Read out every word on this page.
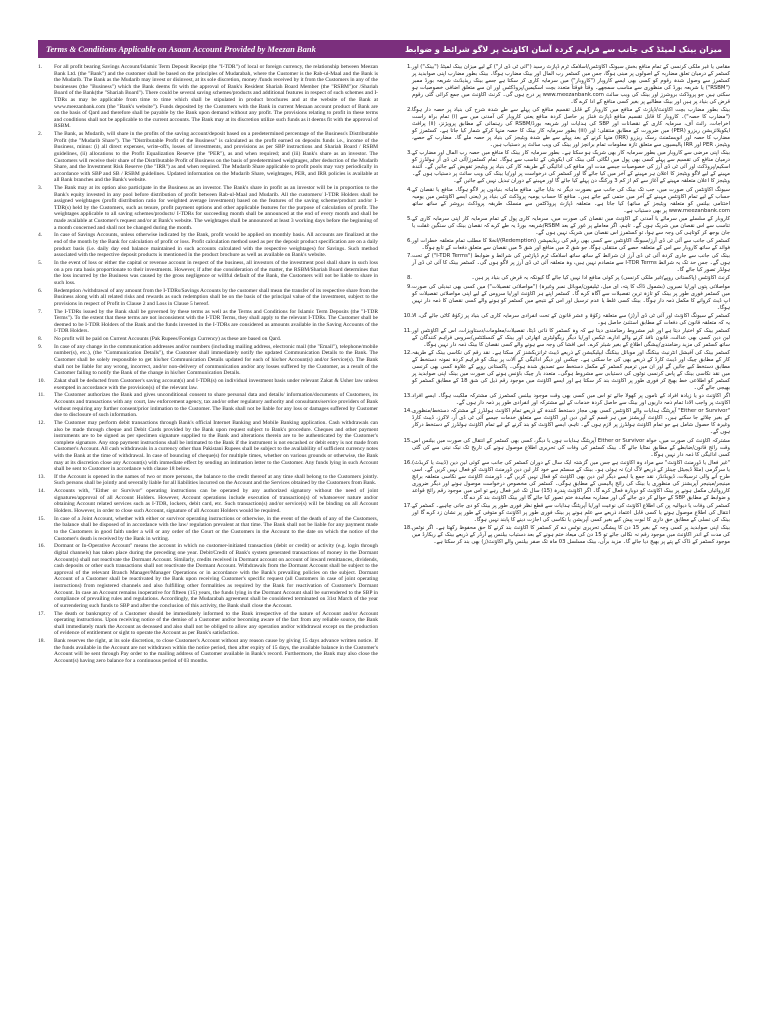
Terms & Conditions Applicable on Asaan Account Provided by Meezan Bank	میزان بینک لمیٹڈ کی جانب سے فراہم کردہ آسان اکاؤنٹ پر لاگو شرائط و ضوابط
1.	For all profit bearing Savings Account/Islamic Term Deposit Receipt (the "I-TDR") of local or foreign currency, the relationship between Meezan Bank Ltd. (the "Bank") and the customer shall be based on the principles of Mudarabah, where the Customer is the Rab-ul-Maal and the Bank is the Mudarib. The Bank as the Mudarib may invest or disinvest, at its sole discretion, money /funds received by it from the Customers in any of the businesses (the "Business") which the Bank deems fit with the approval of Bank's Resident Shariah Board Member (the "RSBM")or /Shariah Board of the Bank(the "Shariah Board"). There could be several saving schemes/products and additional features in respect of such schemes and I-TDRs as may be applicable from time to time which shall be stipulated in product brochures and at the website of the Bank at www.meezanbank.com (the "Bank's website"). Funds deposited by the Customers with the Bank in current Mezaan account product of Bank are on the basis of Qard and therefore shall be payable by the Bank upon demand without any profit. The provisions relating to profit in these terms and conditions shall not be applicable to the current accounts. The Bank may at its discretion utilize such funds as it deems fit with the approval of RSBM.
2.	The Bank, as Mudarib, will share in the profits of the saving account/deposit based on a predetermined percentage of the Business's Distributable Profit (the "Mudarib Share"). The "Distributable Profit of the Business" is calculated as the profit earned on deposits funds i.e., income of the Business, minus: (i) all direct expenses, write-offs, losses of investments, and provisions as per SBP instructions and Shariah Board / RSBM guidelines, (ii) allocations to the Profit Equalization Reserve (the "PER"), as and when required; and (iii) Bank's share as an investor. The Customers will receive their share of the Distributable Profit of Business on the basis of predetermined weightages, after deduction of the Mudarib Share, and the Investment Risk Reserve (the "IRR") as and when required. The Mudarib Share applicable to profit pools may vary periodically in accordance with SBP and SB / RSBM guidelines. Updated information on the Mudarib Share, weightages, PER, and IRR policies is available at all Bank branches and the Bank's website.
3.	The Bank may at its option also participate in the Business as an investor. The Bank's share in profit as an investor will be in proportion to the Bank's equity invested in any pool before distribution of profit between Rab-ul-Maal and Mudarib. All the customers/ I-TDR Holders shall be assigned weightages (profit distribution ratio for weighted average investment) based on the features of the saving scheme/product and/or I-TDR(s) held by the Customers, such as tenure, profit payment options and other applicable features for the purpose of calculation of profit. The weightages applicable to all saving schemes/products/ I-TDRs for succeeding month shall be announced at the end of every month and shall be made available at Customer's request and/or at Bank's website. The weightages shall be announced at least 3 working days before the beginning of a month concerned and shall not be changed during the month.
4.	In case of Savings Accounts, unless otherwise indicated by the Bank, profit would be applied on monthly basis. All accounts are finalized at the end of the month by the Bank for calculation of profit or loss. Profit calculation method used as per the deposit product specification are on a daily product basis (i.e. daily day end balance maintained in such accounts calculated with the respective weightages) for Savings. Such method associated with the respective deposit products is mentioned in the product brochure as well as available on Bank's website.
5.	In the event of loss or either the capital or revenue account in respect of the business, all investors of the investment pool shall share in such loss on a pro rata basis proportionate to their investments. However, if after due consideration of the matter, the RSBM/Shariah Board determines that the loss incurred by the Business was caused by the gross negligence or willful default of the Bank, the Customers will not be liable to share in such loss.
6.	Redemption /withdrawal of any amount from the I-TDRs/Savings Accounts by the customer shall mean the transfer of its respective share from the Business along with all related risks and rewards as such redemption shall be on the basis of the principal value of the investment, subject to the provisions in respect of Profit in Clause 2 and Loss in Clause 5 hereof.
7.	The I-TDRs issued by the Bank shall be governed by these terms as well as the Terms and Conditions for Islamic Term Deposits (the "I-TDR Terms"). To the extent that these terms are not inconsistent with the I-TDR Terms, they shall apply to the relevant I-TDRs. The Customer shall be deemed to be I-TDR Holders of the Bank and the funds invested in the I-TDRs are considered as amounts available in the Saving Accounts of the I-TDR Holders.
8.	No profit will be paid on Current Accounts (Pak Rupees/Foreign Currency) as these are based on Qard.
9.	In case of any change in the communication addresses and/or numbers (including mailing address, electronic mail (the "Email"), telephone/mobile number(s), etc.), (the "Communication Details"), the Customer shall immediately notify the updated Communication Details to the Bank. The Customer shall be solely responsible to get his/her Communication Details updated for each of his/her Account(s) and/or Service(s). The Bank shall not be liable for any wrong, incorrect, and/or non-delivery of communication and/or any losses suffered by the Customer, as a result of the Customer failing to notify the Bank of the change in his/her Communication Details.
10.	Zakat shall be deducted from Customer's saving account(s) and I-TDR(s) on individual investment basis under relevant Zakat & Usher law unless exempted in accordance with the provision(s) of the relevant law.
11.	The Customer authorizes the Bank and gives unconditional consent to share personal data and details/ information/documents of Customers, its Accounts and transactions with any court, law enforcement agency, tax and/or other regulatory authority and consultants/service providers of Bank without requiring any further consent/prior intimation to the Customer. The Bank shall not be liable for any loss or damages suffered by Customer due to disclosure of such information.
12.	The Customer may perform debit transactions through Bank's official Internet Banking and Mobile Banking application. Cash withdrawals can also be made through cheque and Debit Cards provided by the Bank upon request subject to Bank's procedure. Cheques and other payment instruments are to be signed as per specimen signature supplied to the Bank and alterations therein are to be authenticated by the Customer's complete signature. Any stop payment instructions shall be intimated to the Bank if the instrument is not encashed or debit entry is not made from Customer's Account. All cash withdrawals in a currency other than Pakistani Rupees shall be subject to the availability of sufficient currency notes with the Bank at the time of withdrawal. In case of bouncing of cheque(s) for multiple times, whether on various grounds or otherwise, the Bank may at its discretion close any Account(s) with immediate effect by sending an intimation letter to the Customer. Any funds lying in such Account shall be sent to Customer in accordance with clause 18 below.
13.	If the Account is opened in the names of two or more persons, the balance to the credit thereof at any time shall belong to the Customers jointly. Such persons shall be jointly and severally liable for all liabilities incurred on the Account and the Services obtained by the Customers from Bank.
14.	Accounts with, "Either or Survivor" operating instructions can be operated by any authorized signatory without the need of joint signatures/approval of all Account Holders. However, Account operations include execution of transaction(s) of whatsoever nature and/or obtaining Account related services such as I-TDR, lockers, debit card, etc. Such transaction(s) and/or service(s) will be binding on all Account Holders. However, in order to close such Account, signature of all Account Holders would be required.
15.	In case of a Joint Account, whether with either or survivor operating instructions or otherwise, in the event of the death of any of the Customers, the balance shall be disposed of in accordance with the law/ regulation prevalent at that time. The Bank shall not be liable for any payment made to the Customers in good faith under a will or any order of the Court or the Customers in the Account to the date on which the notice of the Customer's death is received by the Bank in writing.
16.	Dormant or In-Operative Account" means the account in which no customer-initiated transaction (debit or credit) or activity (e.g. login through digital channels) has taken place during the preceding one year. Debit/Credit of Bank's system generated transactions of money in the Dormant Account(s) shall not reactivate the Dormant Account. Similarly, credits received in Dormant account on account of inward remittances, dividends, cash deposits or other such transactions shall not reactivate the Dormant Account. Withdrawals from the Dormant Account shall be subject to the approval of the relevant Branch Manager/Manager Operations or in accordance with the Bank's prevailing policies on the subject. Dormant Account of a Customer shall be reactivated by the Bank upon receiving Customer's specific request (all Customers in case of joint operating instructions) from registered channels and also fulfilling other formalities as required by the Bank for reactivation of Customer's Dormant Account. In case an Account remains inoperative for fifteen (15) years, the funds lying in the Dormant Account shall be surrendered to the SBP in compliance of prevailing rules and regulations. Accordingly, the Mudarabah agreement shall be considered terminated on 31st March of the year of surrendering such funds to SBP and after the conclusion of this activity, the Bank shall close the Account.
17.	The death or bankruptcy of a Customer should be immediately informed to the Bank irrespective of the nature of Account and/or Account operating instructions. Upon receiving notice of the demise of a Customer and/or becoming aware of the fact from any reliable source, the Bank shall immediately mark the Account as deceased and also shall not be obliged to allow any operation and/or withdrawal except on the production of evidence of entitlement or sight to operate the Account as per Bank's satisfaction.
18.	Bank reserves the right, at its sole discretion, to close Customer's Account without any reason cause by giving 15 days advance written notice. If the funds available in the Account are not withdrawn within the notice period, then after expiry of 15 days, the available balance in the Customer's Account will be sent through Pay order to the mailing address of Customer available in Bank's record. Furthermore, the Bank may also close the Account(s) having zero balance for a continuous period of 03 months.
1. مقامی یا غیر ملکی کرنسی کے تمام منافع بخش سیونگ اکاؤنٹس/اسلامک ٹرم ڈپازٹ رسید ("آئی ٹی ڈی آر") کے لیے میزان بینک لمیٹڈ ("بینک") اور کسٹمر کے درمیان تعلق مضاربہ کے اصولوں پر مبنی ہوگا، جس میں کسٹمر رب المال اور بینک مضارب ہوگا۔ بینک بطور مضارب اپنی صوابدید پر کسٹمرز سے وصول شدہ رقوم کو کسی بھی ایسے کاروبار ("کاروبار") میں سرمایہ کاری کر سکتا ہے جسے بینک ریذیڈنٹ شریعہ بورڈ ممبر ("RSBM") یا شریعہ بورڈ کی منظوری سے مناسب سمجھے۔ وقتاً فوقتاً متعدد بچت اسکیمیں/پروڈکٹس اور ان سے متعلق اضافی خصوصیات ہو سکتی ہیں جو پروڈکٹ بروشرز اور بینک کی ویب سائٹ www.meezanbank.com پر درج ہوں گی۔ کرنٹ اکاؤنٹ میں جمع کرائی گئی رقوم قرض کی بنیاد پر ہیں اور بینک مطالبے پر بغیر کسی منافع کے ادا کرے گا۔
2. بینک بطور مضارب بچت اکاؤنٹ/ڈپازٹ کے منافع میں کاروبار کے قابل تقسیم منافع کی پہلے سے طے شدہ شرح کی بنیاد پر حصہ دار ہوگا ("مضارب کا حصہ")۔ کاروبار کا قابل تقسیم منافع ڈپازٹ فنڈز پر حاصل کردہ منافع یعنی کاروبار کی آمدنی میں سے (i) تمام براہ راست اخراجات، رائٹ آف، سرمایہ کاری کے نقصانات اور SBP کی ہدایات اور شریعہ بورڈ/RSBM کی رہنمائی کے مطابق پرویژنز، (ii) پرافٹ ایکویلائزیشن ریزرو (PER) میں ضرورت کے مطابق منتقلی؛ اور (iii) بطور سرمایہ کار بینک کا حصہ منہا کرکے شمار کیا جاتا ہے۔ کسٹمرز کو مضارب کا حصہ اور انویسٹمنٹ رسک ریزرو (IRR) منہا کرنے کے بعد پہلے سے طے شدہ ویٹیجز کی بنیاد پر حصہ ملے گا۔ مضارب کے حصے، ویٹیجز، PER اور IRR پالیسیوں سے متعلق تازہ معلومات تمام برانچز اور بینک کی ویب سائٹ پر دستیاب ہیں۔
3. بینک اپنی مرضی سے کاروبار میں بطور سرمایہ کار بھی شریک ہو سکتا ہے۔ بطور سرمایہ کار بینک کا منافع میں حصہ رب المال اور مضارب کے درمیان منافع کی تقسیم سے پہلے کسی بھی پول میں لگائی گئی بینک کی ایکویٹی کے تناسب سے ہوگا۔ تمام کسٹمرز/آئی ٹی ڈی آر ہولڈرز کو اسکیم/پروڈکٹ اور آئی ٹی ڈی آرز کی خصوصیات جیسے مدت اور منافع کی ادائیگی کے طریقہ کار کی بنیاد پر ویٹیجز تفویض کیے جائیں گے۔ آئندہ مہینے کے لیے لاگو ویٹیجز کا اعلان ہر مہینے کے آخر میں کیا جائے گا اور کسٹمر کی درخواست پر اور/یا بینک کی ویب سائٹ پر دستیاب ہوں گے۔ ویٹیجز کا اعلان متعلقہ مہینے کے آغاز سے کم از کم 3 ورکنگ دن پہلے کیا جائے گا اور مہینے کے دوران تبدیل نہیں کیے جائیں گے۔
4. سیونگ اکاؤنٹس کی صورت میں، جب تک بینک کی جانب سے بصورت دیگر نہ بتایا جائے، منافع ماہانہ بنیادوں پر لاگو ہوگا۔ منافع یا نقصان کے حساب کے لیے تمام اکاؤنٹس مہینے کے آخر میں حتمی کیے جاتے ہیں۔ منافع کا حساب یومیہ پروڈکٹ کی بنیاد پر (یعنی ایسے اکاؤنٹس میں یومیہ اختتامی بیلنس کو متعلقہ ویٹیجز کے ساتھ) کیا جاتا ہے۔ متعلقہ ڈپازٹ پروڈکٹس سے منسلک طریقہ پروڈکٹ بروشر کے ساتھ ساتھ www.meezanbank.com پر بھی دستیاب ہے۔
5. کاروبار کے سلسلے میں سرمائے یا آمدنی کے اکاؤنٹ میں نقصان کی صورت میں، سرمایہ کاری پول کے تمام سرمایہ کار اپنی سرمایہ کاری کے تناسب سے اس نقصان میں شریک ہوں گے۔ تاہم، اگر معاملے پر غور کے بعد RSBM/شریعہ بورڈ یہ طے کرے کہ نقصان بینک کی سنگین غفلت یا جان بوجھ کر کوتاہی کی وجہ سے ہوا، تو کسٹمرز اس نقصان میں شریک نہیں ہوں گے۔
6. کسٹمر کی جانب سے آئی ٹی ڈی آرز/سیونگ اکاؤنٹس سے کسی بھی رقم کی ریڈیمپشن (Redemption)/انخلا کا مطلب تمام متعلقہ خطرات اور فوائد کے ساتھ کاروبار سے اس کے متعلقہ حصے کی منتقلی ہوگا، جو شق 2 میں منافع اور شق 5 میں نقصان سے متعلق دفعات کے تابع ہوگا۔
7. بینک کی جانب سے جاری کردہ آئی ٹی ڈی آرز ان شرائط کے ساتھ ساتھ اسلامک ٹرم ڈپازٹس کی شرائط و ضوابط ("I-TDR Terms") کے تحت ہوں گے۔ جس حد تک یہ شرائط I-TDR Terms سے متصادم نہیں ہیں، وہ متعلقہ آئی ٹی ڈی آرز پر لاگو ہوں گی۔ کسٹمر بینک کا آئی ٹی ڈی آر ہولڈر تصور کیا جائے گا۔
8.	کرنٹ اکاؤنٹس (پاکستانی روپے/غیر ملکی کرنسی) پر کوئی منافع ادا نہیں کیا جائے گا کیونکہ یہ قرض کی بنیاد پر ہیں۔
9. مواصلاتی پتوں اور/یا نمبروں (بشمول ڈاک کا پتہ، ای میل، ٹیلیفون/موبائل نمبر وغیرہ) ("مواصلاتی تفصیلات") میں کسی بھی تبدیلی کی صورت میں کسٹمر فوری طور پر بینک کو تازہ ترین تفصیلات سے آگاہ کرے گا۔ کسٹمر اپنے ہر اکاؤنٹ اور/یا سروس کے لیے اپنی مواصلاتی تفصیلات کو اپ ڈیٹ کروانے کا مکمل ذمہ دار ہوگا۔ بینک کسی غلط یا عدم ترسیل اور اس کے نتیجے میں کسٹمر کو ہونے والے کسی نقصان کا ذمہ دار نہیں ہوگا۔
10. کسٹمر کے سیونگ اکاؤنٹ اور آئی ٹی ڈی آر(ز) سے متعلقہ زکوٰۃ و عشر قانون کے تحت انفرادی سرمایہ کاری کی بنیاد پر زکوٰۃ کاٹی جائے گی، الا یہ کہ متعلقہ قانون کی دفعات کے مطابق استثنیٰ حاصل ہو۔
11. کسٹمر بینک کو اختیار دیتا ہے اور غیر مشروط رضامندی دیتا ہے کہ وہ کسٹمر کا ذاتی ڈیٹا، تفصیلات/معلومات/دستاویزات، اس کے اکاؤنٹس اور لین دین کسی بھی عدالت، قانون نافذ کرنے والے ادارے، ٹیکس اور/یا دیگر ریگولیٹری اتھارٹی اور بینک کے کنسلٹنٹس/سروس فراہم کنندگان کے ساتھ کسٹمر کی مزید رضامندی/پیشگی اطلاع کے بغیر شیئر کرے۔ اس افشا کی وجہ سے ہونے والے کسی نقصان کا بینک ذمہ دار نہیں ہوگا۔
12. کسٹمر بینک کی آفیشل انٹرنیٹ بینکنگ اور موبائل بینکنگ ایپلیکیشن کے ذریعے ڈیبٹ ٹرانزیکشنز کر سکتا ہے۔ نقد رقم کی نکاسی بینک کے طریقہ کار کے مطابق چیک اور ڈیبٹ کارڈ کے ذریعے بھی کی جا سکتی ہے۔ چیکس اور دیگر ادائیگی کے آلات پر بینک کو فراہم کردہ نمونہ دستخط کے مطابق دستخط کیے جائیں گے اور ان میں ترمیم کسٹمر کے مکمل دستخط سے تصدیق شدہ ہوگی۔ پاکستانی روپے کے علاوہ کسی بھی کرنسی میں نقد نکاسی بینک کے پاس کرنسی نوٹوں کی دستیابی سے مشروط ہوگی۔ متعدد بار چیک باؤنس ہونے کی صورت میں بینک اپنی صوابدید پر کسٹمر کو اطلاعی خط بھیج کر فوری طور پر اکاؤنٹ بند کر سکتا ہے اور ایسے اکاؤنٹ میں موجود رقم ذیل کی شق 18 کے مطابق کسٹمر کو بھیجی جائے گی۔
13. اگر اکاؤنٹ دو یا زیادہ افراد کے ناموں پر کھولا جائے تو اس میں کسی بھی وقت موجود بیلنس کسٹمرز کی مشترکہ ملکیت ہوگا۔ ایسے افراد اکاؤنٹ پر واجب الادا تمام ذمہ داریوں اور بینک سے حاصل کردہ خدمات کے لیے مشترکہ اور انفرادی طور پر ذمہ دار ہوں گے۔
14. "Either or Survivor" آپریٹنگ ہدایات والے اکاؤنٹس کسی بھی مجاز دستخط کنندہ کے ذریعے تمام اکاؤنٹ ہولڈرز کے مشترکہ دستخط/منظوری کے بغیر چلائے جا سکتے ہیں۔ اکاؤنٹ آپریشنز میں ہر قسم کے لین دین اور اکاؤنٹ سے متعلق خدمات جیسے آئی ٹی ڈی آر، لاکرز، ڈیبٹ کارڈ وغیرہ کا حصول شامل ہے جو تمام اکاؤنٹ ہولڈرز پر لازم ہوں گے۔ تاہم، ایسے اکاؤنٹ کو بند کرنے کے لیے تمام اکاؤنٹ ہولڈرز کے دستخط درکار ہوں گے۔
15. مشترکہ اکاؤنٹ کی صورت میں، خواہ Either or Survivor آپریٹنگ ہدایات ہوں یا دیگر، کسی بھی کسٹمر کے انتقال کی صورت میں بیلنس اس وقت رائج قانون/ضابطے کے مطابق نمٹایا جائے گا۔ بینک کسٹمر کی وفات کی تحریری اطلاع موصول ہونے کی تاریخ تک نیک نیتی سے کی گئی کسی ادائیگی کا ذمہ دار نہیں ہوگا۔
16. "غیر فعال یا ڈورمنٹ اکاؤنٹ" سے مراد وہ اکاؤنٹ ہے جس میں گزشتہ ایک سال کے دوران کسٹمر کی جانب سے کوئی لین دین (ڈیبٹ یا کریڈٹ) یا سرگرمی (مثلاً ڈیجیٹل چینلز کے ذریعے لاگ ان) نہ ہوئی ہو۔ بینک کے سسٹم سے خود کار لین دین ڈورمنٹ اکاؤنٹ کو فعال نہیں کریں گے۔ اسی طرح آنے والی ترسیلات، ڈیویڈنڈز، نقد جمع یا ایسے دیگر لین دین بھی اکاؤنٹ کو فعال نہیں کریں گے۔ ڈورمنٹ اکاؤنٹ سے نکاسی متعلقہ برانچ مینیجر/مینیجر آپریشنز کی منظوری یا بینک کی رائج پالیسی کے مطابق ہوگی۔ کسٹمر کی مخصوص درخواست موصول ہونے اور دیگر ضروری کارروائیاں مکمل ہونے پر بینک اکاؤنٹ کو دوبارہ فعال کرے گا۔ اگر اکاؤنٹ پندرہ (15) سال تک غیر فعال رہے تو اس میں موجود رقم رائج قواعد و ضوابط کے مطابق SBP کے حوالے کر دی جائے گی اور مضاربہ معاہدہ ختم تصور کیا جائے گا اور بینک اکاؤنٹ بند کر دے گا۔
17. کسٹمر کی وفات یا دیوالیہ پن کی اطلاع اکاؤنٹ کی نوعیت اور/یا آپریٹنگ ہدایات سے قطع نظر فوری طور پر بینک کو دی جانی چاہیے۔ کسٹمر کے انتقال کی اطلاع موصول ہونے یا کسی قابل اعتماد ذریعے سے علم ہونے پر بینک فوری طور پر اکاؤنٹ کو متوفی کے طور پر نشان زد کرے گا اور بینک کی تسلی کے مطابق حق داری کا ثبوت پیش کیے بغیر کسی آپریشن یا نکاسی کی اجازت دینے کا پابند نہیں ہوگا۔
18. بینک اپنی صوابدید پر کسی وجہ کے بغیر 15 دن کا پیشگی تحریری نوٹس دے کر کسٹمر کا اکاؤنٹ بند کرنے کا حق محفوظ رکھتا ہے۔ اگر نوٹس کی مدت کے اندر اکاؤنٹ میں موجود رقم نہ نکالی جائے تو 15 دن کی میعاد ختم ہونے کے بعد دستیاب بیلنس پے آرڈر کے ذریعے بینک کے ریکارڈ میں موجود کسٹمر کے ڈاک کے پتے پر بھیج دیا جائے گا۔ مزید برآں، بینک مسلسل 03 ماہ تک صفر بیلنس والے اکاؤنٹ(ز) بھی بند کر سکتا ہے۔
